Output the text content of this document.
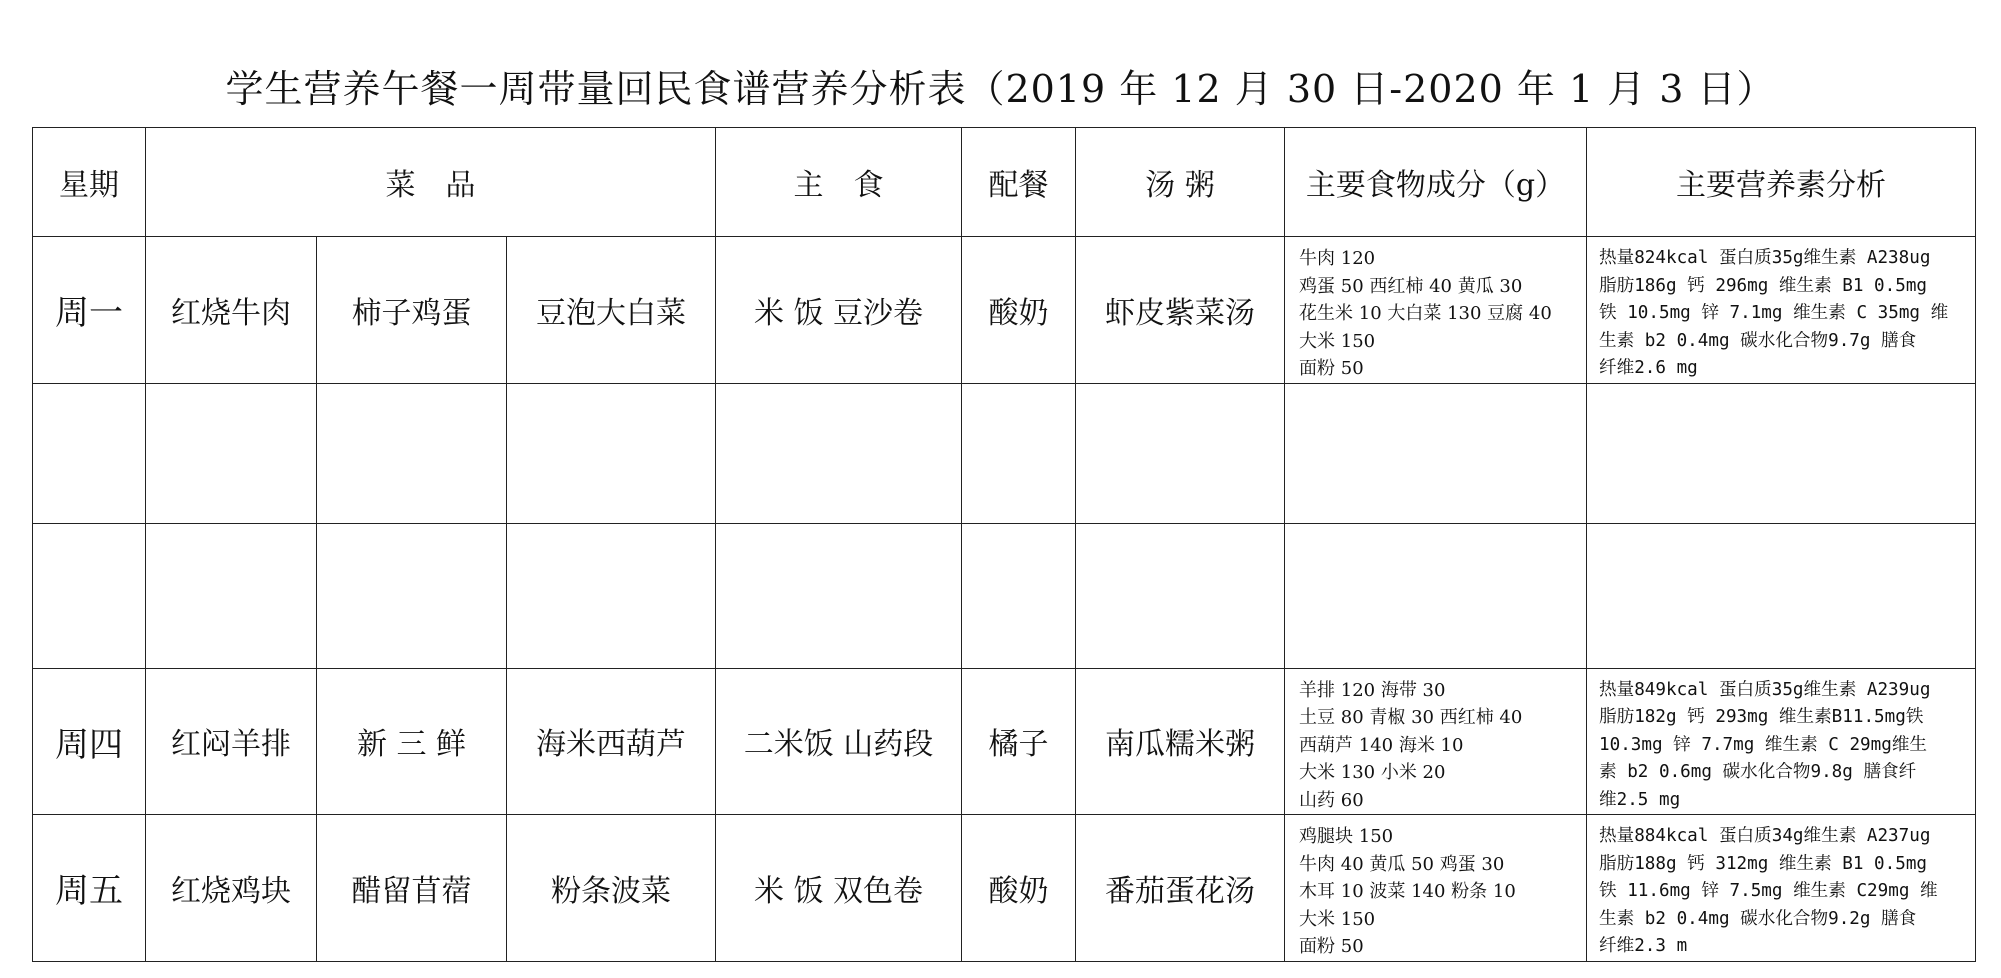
学生营养午餐一周带量回民食谱营养分析表（2019 年 12 月 30 日-2020 年 1 月 3 日）
星期	菜　品			主　食	配餐	汤 粥	主要食物成分（g）	主要营养素分析
周一	红烧牛肉	柿子鸡蛋	豆泡大白菜	米 饭 豆沙卷	酸奶	虾皮紫菜汤	牛肉 120
鸡蛋 50 西红柿 40 黄瓜 30
花生米 10 大白菜 130 豆腐 40
大米 150
面粉 50	热量824kcal 蛋白质35g维生素 A238ug
脂肪186g 钙 296mg 维生素 B1 0.5mg
铁 10.5mg 锌 7.1mg 维生素 C 35mg 维
生素 b2 0.4mg 碳水化合物9.7g 膳食
纤维2.6 mg

周四	红闷羊排	新 三 鲜	海米西葫芦	二米饭 山药段	橘子	南瓜糯米粥	羊排 120 海带 30
土豆 80 青椒 30 西红柿 40
西葫芦 140 海米 10
大米 130 小米 20
山药 60	热量849kcal 蛋白质35g维生素 A239ug
脂肪182g 钙 293mg 维生素B11.5mg铁
10.3mg 锌 7.7mg 维生素 C 29mg维生
素 b2 0.6mg 碳水化合物9.8g 膳食纤
维2.5 mg
周五	红烧鸡块	醋留苜蓿	粉条波菜	米 饭 双色卷	酸奶	番茄蛋花汤	鸡腿块 150
牛肉 40 黄瓜 50 鸡蛋 30
木耳 10 波菜 140 粉条 10
大米 150
面粉 50	热量884kcal 蛋白质34g维生素 A237ug
脂肪188g 钙 312mg 维生素 B1 0.5mg
铁 11.6mg 锌 7.5mg 维生素 C29mg 维
生素 b2 0.4mg 碳水化合物9.2g 膳食
纤维2.3 m
